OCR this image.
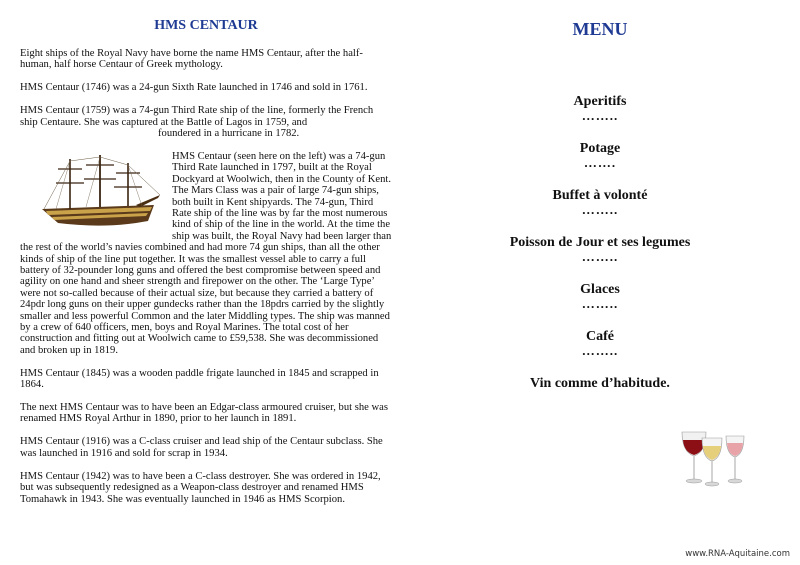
HMS CENTAUR

Eight ships of the Royal Navy have borne the name HMS Centaur, after the half-human, half horse Centaur of Greek mythology.

HMS Centaur (1746) was a 24-gun Sixth Rate launched in 1746 and sold in 1761.

HMS Centaur (1759) was a 74-gun Third Rate ship of the line, formerly the French ship Centaure. She was captured at the Battle of Lagos in 1759, and
foundered in a hurricane in 1782.

HMS Centaur (seen here on the left) was a 74-gun Third Rate launched in 1797, built at the Royal Dockyard at Woolwich, then in the County of Kent. The Mars Class was a pair of large 74-gun ships, both built in Kent shipyards. The 74-gun, Third Rate ship of the line was by far the most numerous kind of ship of the line in the world. At the time the ship was built, the Royal Navy had been larger than the rest of the world’s navies combined and had more 74 gun ships, than all the other kinds of ship of the line put together. It was the smallest vessel able to carry a full battery of 32-pounder long guns and offered the best compromise between speed and agility on one hand and sheer strength and firepower on the other. The ‘Large Type’ were not so-called because of their actual size, but because they carried a battery of 24pdr long guns on their upper gundecks rather than the 18pdrs carried by the slightly smaller and less powerful Common and the later Middling types. The ship was manned by a crew of 640 officers, men, boys and Royal Marines. The total cost of her construction and fitting out at Woolwich came to £59,538. She was decommissioned and broken up in 1819.

HMS Centaur (1845) was a wooden paddle frigate launched in 1845 and scrapped in 1864.

The next HMS Centaur was to have been an Edgar-class armoured cruiser, but she was renamed HMS Royal Arthur in 1890, prior to her launch in 1891.

HMS Centaur (1916) was a C-class cruiser and lead ship of the Centaur subclass. She was launched in 1916 and sold for scrap in 1934.

HMS Centaur (1942) was to have been a C-class destroyer. She was ordered in 1942, but was subsequently redesigned as a Weapon-class destroyer and renamed HMS Tomahawk in 1943. She was eventually launched in 1946 as HMS Scorpion.

MENU
Aperitifs
……..
Potage
…….
Buffet à volonté
……..
Poisson de Jour et ses legumes
……..
Glaces
……..
Café
……..
Vin comme d’habitude.
www.RNA-Aquitaine.com
